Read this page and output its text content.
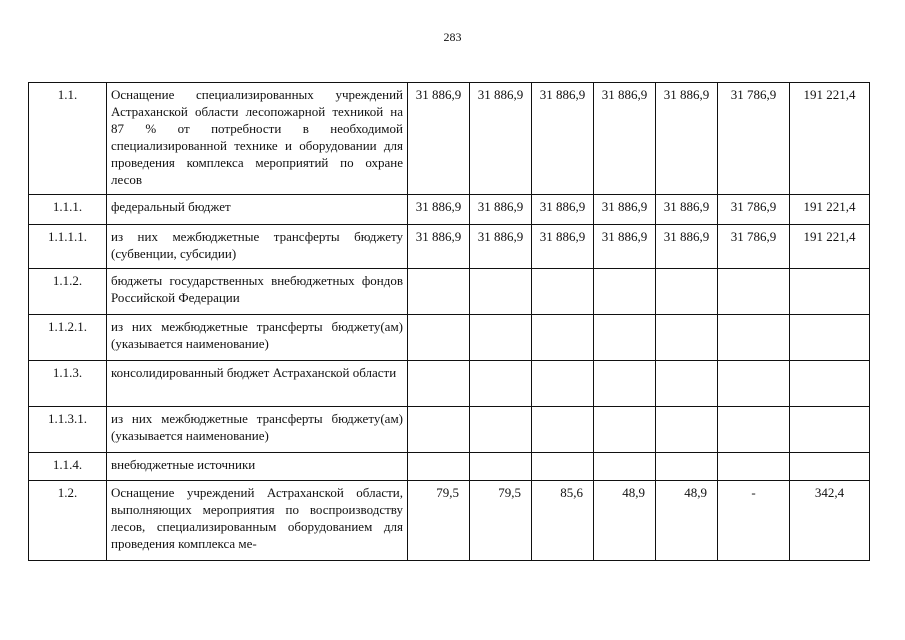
283
1.1.	Оснащение специализированных учреждений Астраханской области лесопожарной техникой на 87 % от потребности в необходимой специализированной технике и оборудовании для проведения комплекса мероприятий по охране лесов	31 886,9	31 886,9	31 886,9	31 886,9	31 886,9	31 786,9	191 221,4
1.1.1.	федеральный бюджет	31 886,9	31 886,9	31 886,9	31 886,9	31 886,9	31 786,9	191 221,4
1.1.1.1.	из них межбюджетные трансферты бюджету (субвенции, субсидии)	31 886,9	31 886,9	31 886,9	31 886,9	31 886,9	31 786,9	191 221,4
1.1.2.	бюджеты государственных внебюджетных фондов Российской Федерации							
1.1.2.1.	из них межбюджетные трансферты бюджету(ам) (указывается наименование)							
1.1.3.	консолидированный бюджет Астраханской области							
1.1.3.1.	из них межбюджетные трансферты бюджету(ам) (указывается наименование)							
1.1.4.	внебюджетные источники							
1.2.	Оснащение учреждений Астраханской области, выполняющих мероприятия по воспроизводству лесов, специализированным оборудованием для проведения комплекса ме-	79,5	79,5	85,6	48,9	48,9	-	342,4
